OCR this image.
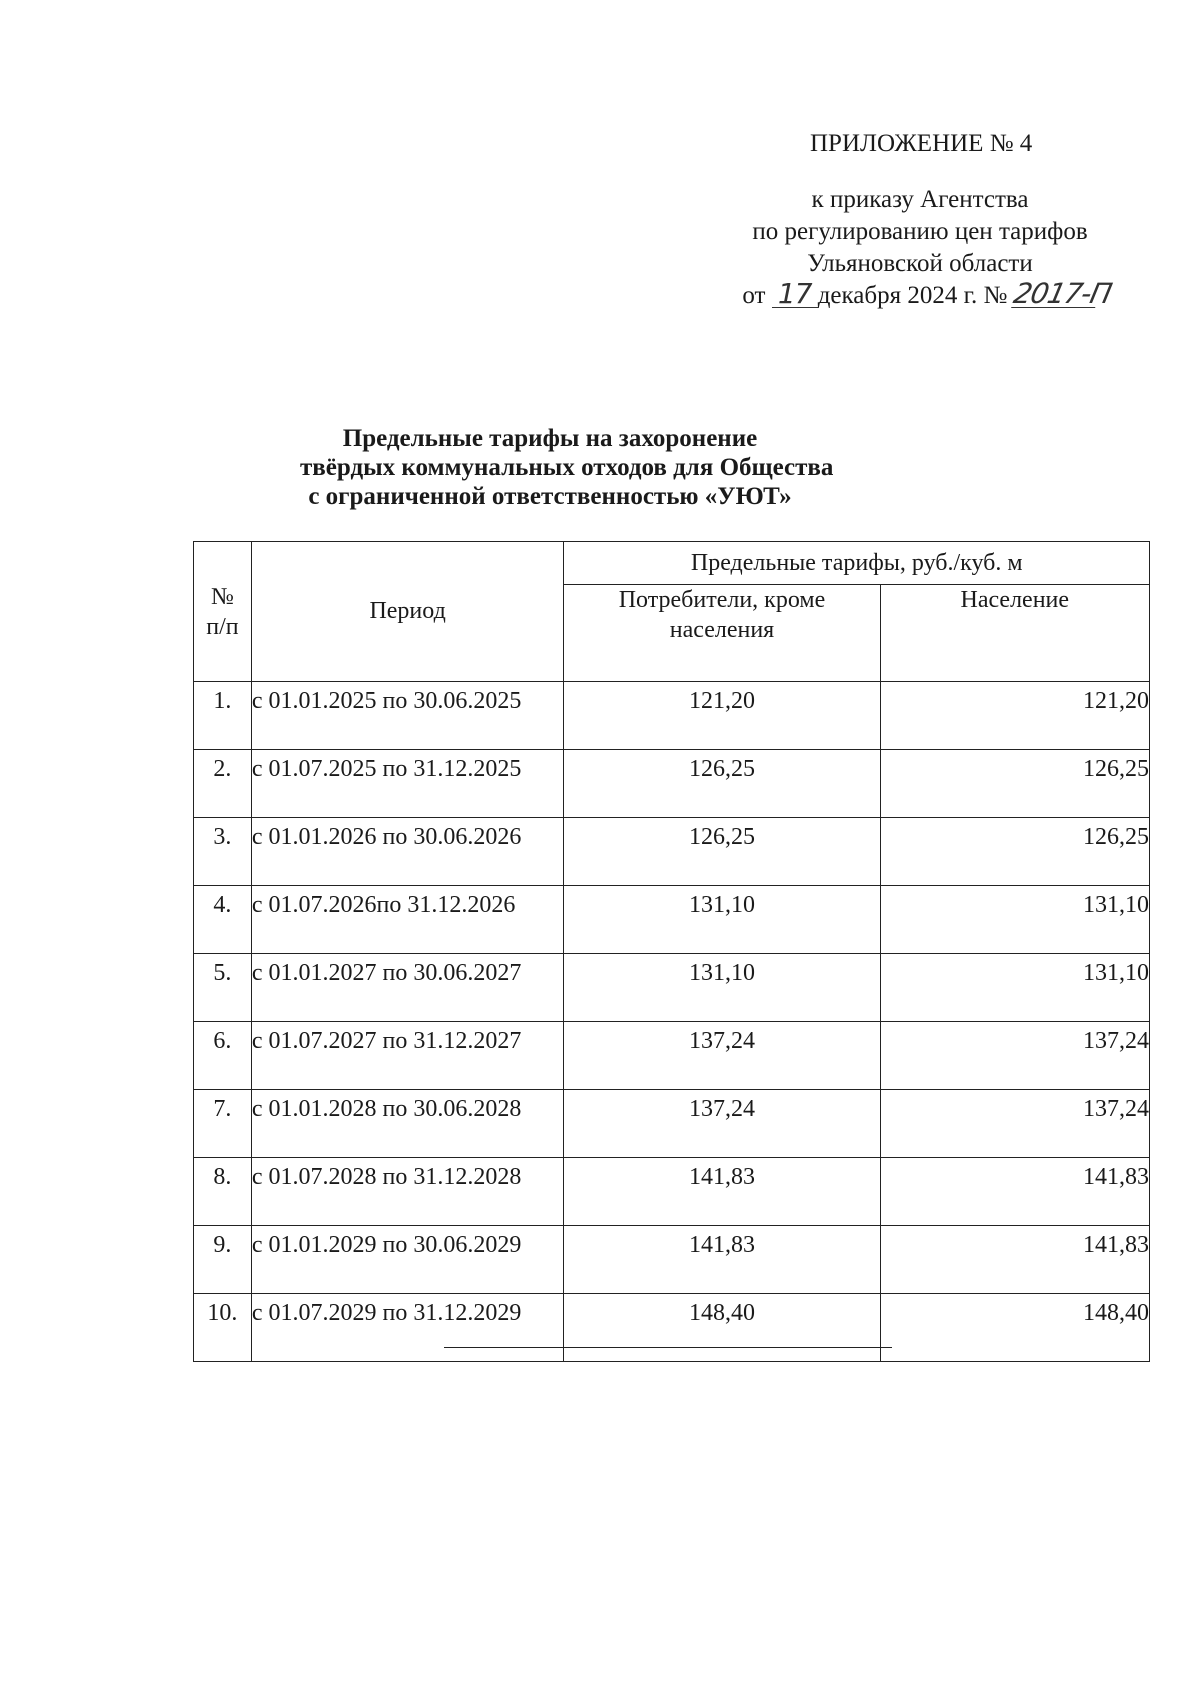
ПРИЛОЖЕНИЕ № 4
к приказу Агентства
по регулированию цен тарифов
Ульяновской области
от 17 декабря 2024 г. № 2017-П
Предельные тарифы на захоронение
твёрдых коммунальных отходов для Общества
с ограниченной ответственностью «УЮТ»
№ п/п	Период	Предельные тарифы, руб./куб. м	

		Потребители, кроме населения	Население
1.	с 01.01.2025 по 30.06.2025	121,20	121,20
2.	с 01.07.2025 по 31.12.2025	126,25	126,25
3.	с 01.01.2026 по 30.06.2026	126,25	126,25
4.	с 01.07.2026по 31.12.2026	131,10	131,10
5.	с 01.01.2027 по 30.06.2027	131,10	131,10
6.	с 01.07.2027 по 31.12.2027	137,24	137,24
7.	с 01.01.2028 по 30.06.2028	137,24	137,24
8.	с 01.07.2028 по 31.12.2028	141,83	141,83
9.	с 01.01.2029 по 30.06.2029	141,83	141,83
10.	с 01.07.2029 по 31.12.2029	148,40	148,40
